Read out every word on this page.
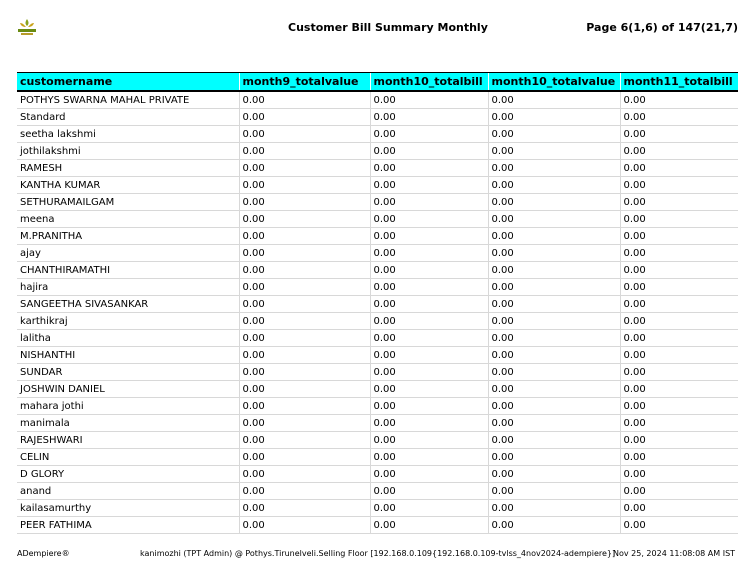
Customer Bill Summary Monthly	Page 6(1,6) of 147(21,7)
customername	month9_totalvalue	month10_totalbill	month10_totalvalue	month11_totalbill
POTHYS SWARNA MAHAL PRIVATE	0.00	0.00	0.00	0.00
Standard	0.00	0.00	0.00	0.00
seetha lakshmi	0.00	0.00	0.00	0.00
jothilakshmi	0.00	0.00	0.00	0.00
RAMESH	0.00	0.00	0.00	0.00
KANTHA KUMAR	0.00	0.00	0.00	0.00
SETHURAMAILGAM	0.00	0.00	0.00	0.00
meena	0.00	0.00	0.00	0.00
M.PRANITHA	0.00	0.00	0.00	0.00
ajay	0.00	0.00	0.00	0.00
CHANTHIRAMATHI	0.00	0.00	0.00	0.00
hajira	0.00	0.00	0.00	0.00
SANGEETHA SIVASANKAR	0.00	0.00	0.00	0.00
karthikraj	0.00	0.00	0.00	0.00
lalitha	0.00	0.00	0.00	0.00
NISHANTHI	0.00	0.00	0.00	0.00
SUNDAR	0.00	0.00	0.00	0.00
JOSHWIN DANIEL	0.00	0.00	0.00	0.00
mahara jothi	0.00	0.00	0.00	0.00
manimala	0.00	0.00	0.00	0.00
RAJESHWARI	0.00	0.00	0.00	0.00
CELIN	0.00	0.00	0.00	0.00
D GLORY	0.00	0.00	0.00	0.00
anand	0.00	0.00	0.00	0.00
kailasamurthy	0.00	0.00	0.00	0.00
PEER FATHIMA	0.00	0.00	0.00	0.00
ADempiere®	kanimozhi (TPT Admin) @ Pothys.Tirunelveli.Selling Floor [192.168.0.109{192.168.0.109-tvlss_4nov2024-adempiere}]
Nov 25, 2024 11:08:08 AM IST
